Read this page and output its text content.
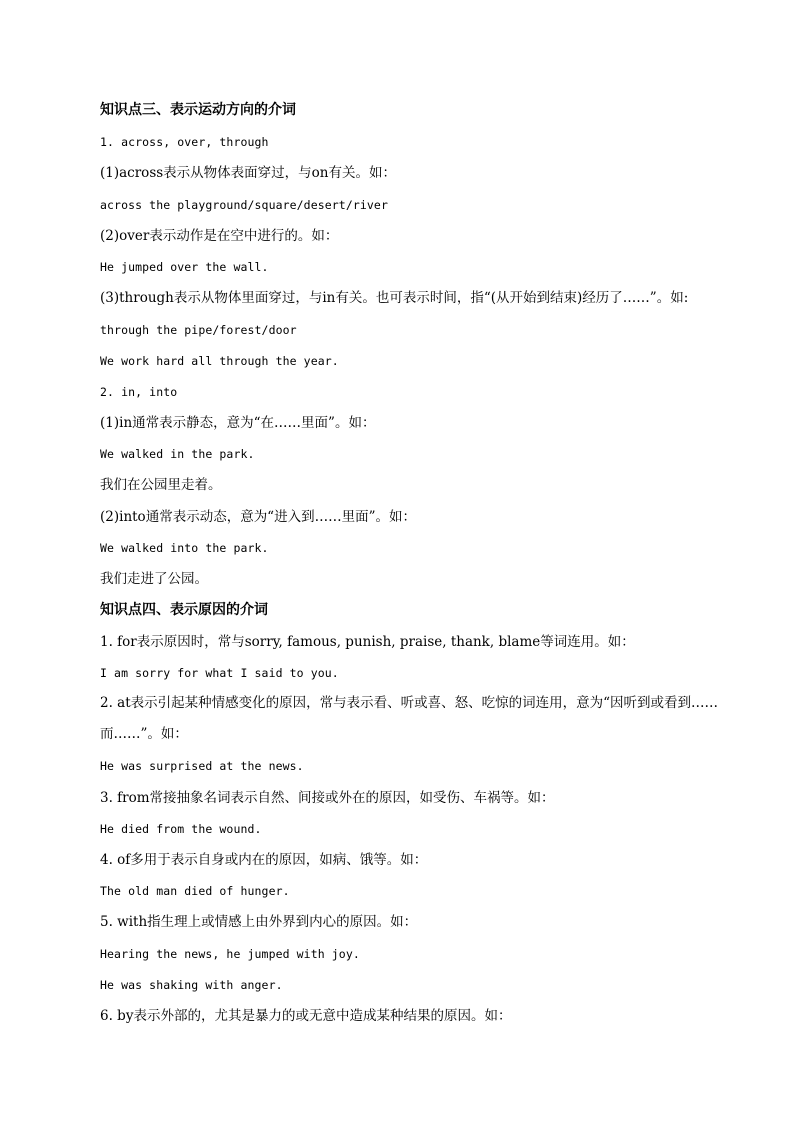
知识点三、表示运动方向的介词
1. across, over, through
(1)across表示从物体表面穿过，与on有关。如：
across the playground/square/desert/river
(2)over表示动作是在空中进行的。如：
He jumped over the wall.
(3)through表示从物体里面穿过，与in有关。也可表示时间，指“(从开始到结束)经历了……”。如:
through the pipe/forest/door
We work hard all through the year.
2. in, into
(1)in通常表示静态，意为“在……里面”。如：
We walked in the park.
我们在公园里走着。
(2)into通常表示动态，意为“进入到……里面”。如：
We walked into the park.
我们走进了公园。
知识点四、表示原因的介词
1. for表示原因时，常与sorry, famous, punish, praise, thank, blame等词连用。如：
I am sorry for what I said to you.
2. at表示引起某种情感变化的原因，常与表示看、听或喜、怒、吃惊的词连用，意为“因听到或看到……而……”。如：
He was surprised at the news.
3. from常接抽象名词表示自然、间接或外在的原因，如受伤、车祸等。如：
He died from the wound.
4. of多用于表示自身或内在的原因，如病、饿等。如：
The old man died of hunger.
5. with指生理上或情感上由外界到内心的原因。如：
Hearing the news, he jumped with joy.
He was shaking with anger.
6. by表示外部的，尤其是暴力的或无意中造成某种结果的原因。如：
